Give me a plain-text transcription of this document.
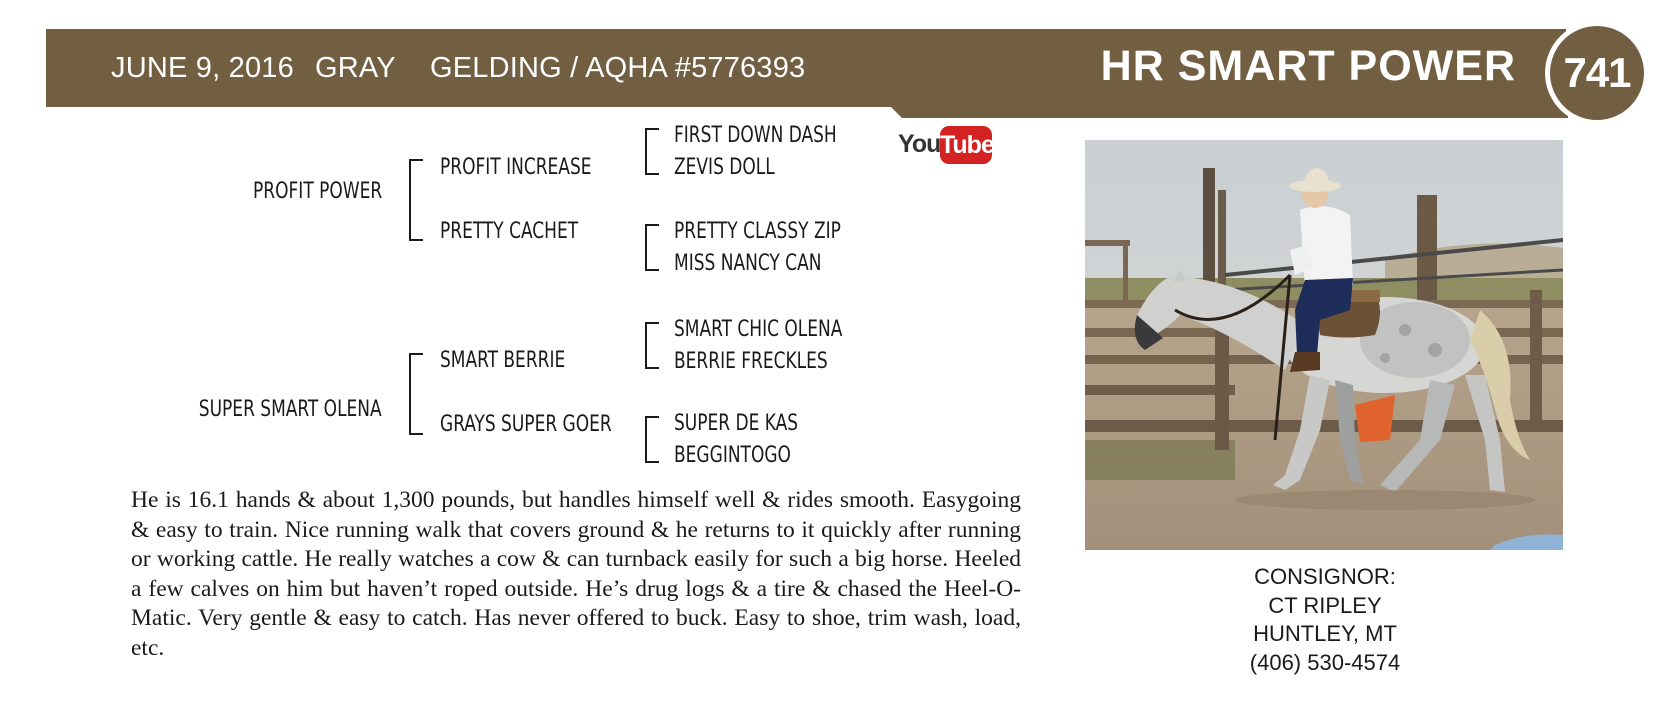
JUNE 9, 2016 GRAY GELDING / AQHA #5776393	HR SMART POWER 741
PROFIT POWER
PROFIT INCREASE
PRETTY CACHET
FIRST DOWN DASH
ZEVIS DOLL
PRETTY CLASSY ZIP
MISS NANCY CAN
SUPER SMART OLENA
SMART BERRIE
GRAYS SUPER GOER
SMART CHIC OLENA
BERRIE FRECKLES
SUPER DE KAS
BEGGINTOGO
You Tube
He is 16.1 hands & about 1,300 pounds, but handles himself well & rides smooth. Easygoing & easy to train. Nice running walk that covers ground & he returns to it quickly after running or working cattle. He really watches a cow & can turnback easily for such a big horse. Heeled a few calves on him but haven’t roped outside. He’s drug logs & a tire & chased the Heel-O-Matic. Very gentle & easy to catch. Has never offered to buck. Easy to shoe, trim wash, load, etc.
CONSIGNOR:
CT RIPLEY
HUNTLEY, MT
(406) 530-4574
